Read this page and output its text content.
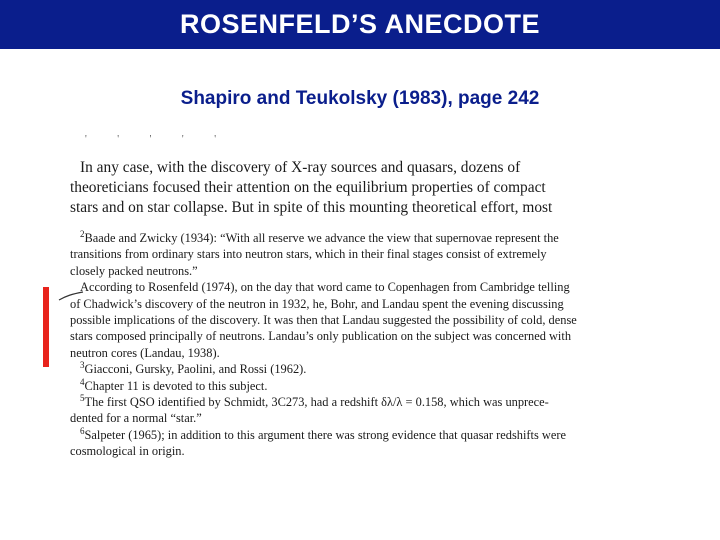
ROSENFELD’S ANECDOTE
Shapiro and Teukolsky (1983), page 242
' ' ' ' '
In any case, with the discovery of X-ray sources and quasars, dozens of
theoreticians focused their attention on the equilibrium properties of compact
stars and on star collapse. But in spite of this mounting theoretical effort, most
$^2$Baade and Zwicky (1934): “With all reserve we advance the view that supernovae represent the
transitions from ordinary stars into neutron stars, which in their final stages consist of extremely
closely packed neutrons.”
According to Rosenfeld (1974), on the day that word came to Copenhagen from Cambridge telling
of Chadwick’s discovery of the neutron in 1932, he, Bohr, and Landau spent the evening discussing
possible implications of the discovery. It was then that Landau suggested the possibility of cold, dense
stars composed principally of neutrons. Landau’s only publication on the subject was concerned with
neutron cores (Landau, 1938).
$^3$Giacconi, Gursky, Paolini, and Rossi (1962).
$^4$Chapter 11 is devoted to this subject.
$^5$The first QSO identified by Schmidt, 3C273, had a redshift δλ/λ = 0.158, which was unprece-
dented for a normal “star.”
$^6$Salpeter (1965); in addition to this argument there was strong evidence that quasar redshifts were
cosmological in origin.
